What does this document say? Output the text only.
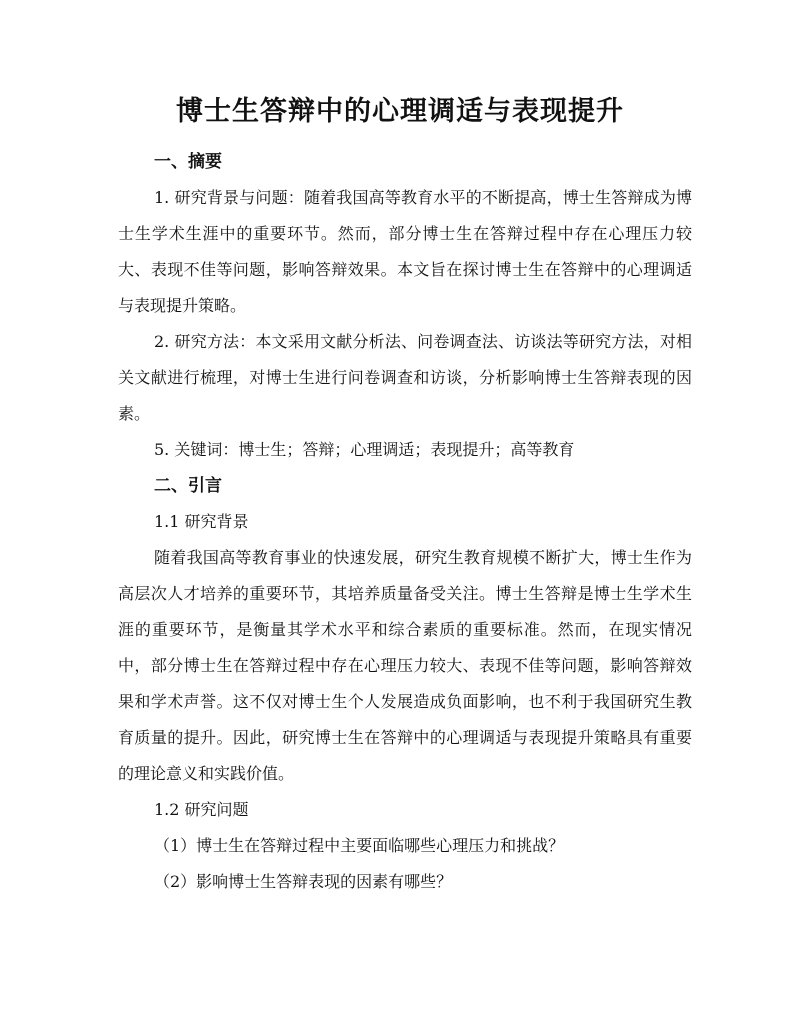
博士生答辩中的心理调适与表现提升
一、摘要

1. 研究背景与问题：随着我国高等教育水平的不断提高，博士生答辩成为博士生学术生涯中的重要环节。然而，部分博士生在答辩过程中存在心理压力较大、表现不佳等问题，影响答辩效果。本文旨在探讨博士生在答辩中的心理调适与表现提升策略。

2. 研究方法：本文采用文献分析法、问卷调查法、访谈法等研究方法，对相关文献进行梳理，对博士生进行问卷调查和访谈，分析影响博士生答辩表现的因素。

5. 关键词：博士生；答辩；心理调适；表现提升；高等教育

二、引言

1.1 研究背景

随着我国高等教育事业的快速发展，研究生教育规模不断扩大，博士生作为高层次人才培养的重要环节，其培养质量备受关注。博士生答辩是博士生学术生涯的重要环节，是衡量其学术水平和综合素质的重要标准。然而，在现实情况中，部分博士生在答辩过程中存在心理压力较大、表现不佳等问题，影响答辩效果和学术声誉。这不仅对博士生个人发展造成负面影响，也不利于我国研究生教育质量的提升。因此，研究博士生在答辩中的心理调适与表现提升策略具有重要的理论意义和实践价值。

1.2 研究问题

（1）博士生在答辩过程中主要面临哪些心理压力和挑战？

（2）影响博士生答辩表现的因素有哪些？
